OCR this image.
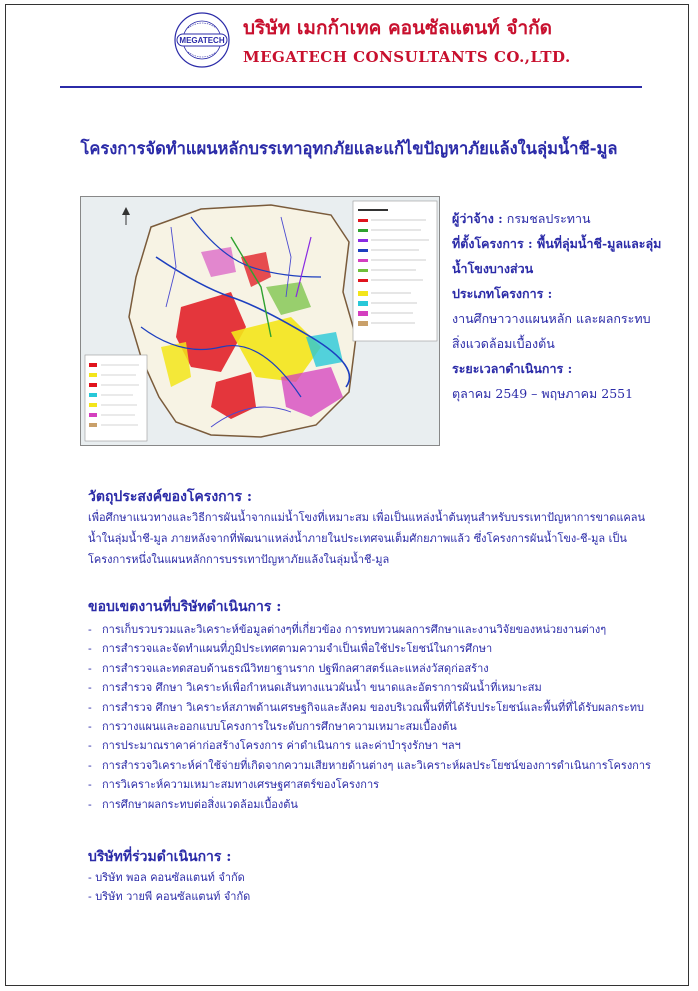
MEGATECH
บริษัท เมกก้าเทค คอนซัลแตนท์ จำกัด
MEGATECH CONSULTANTS CO.,LTD.
โครงการจัดทำแผนหลักบรรเทาอุทกภัยและแก้ไขปัญหาภัยแล้งในลุ่มน้ำชี-มูล
ผู้ว่าจ้าง : กรมชลประทาน
ที่ตั้งโครงการ : พื้นที่ลุ่มน้ำชี-มูลและลุ่มน้ำโขงบางส่วน
ประเภทโครงการ :
งานศึกษาวางแผนหลัก และผลกระทบสิ่งแวดล้อมเบื้องต้น
ระยะเวลาดำเนินการ :
ตุลาคม 2549 – พฤษภาคม 2551
วัตถุประสงค์ของโครงการ :
เพื่อศึกษาแนวทางและวิธีการผันน้ำจากแม่น้ำโขงที่เหมาะสม เพื่อเป็นแหล่งน้ำต้นทุนสำหรับบรรเทาปัญหาการขาดแคลนน้ำในลุ่มน้ำชี-มูล ภายหลังจากที่พัฒนาแหล่งน้ำภายในประเทศจนเต็มศักยภาพแล้ว ซึ่งโครงการผันน้ำโขง-ชี-มูล เป็นโครงการหนึ่งในแผนหลักการบรรเทาปัญหาภัยแล้งในลุ่มน้ำชี-มูล
ขอบเขตงานที่บริษัทดำเนินการ :
- การเก็บรวบรวมและวิเคราะห์ข้อมูลต่างๆที่เกี่ยวข้อง การทบทวนผลการศึกษาและงานวิจัยของหน่วยงานต่างๆ
- การสำรวจและจัดทำแผนที่ภูมิประเทศตามความจำเป็นเพื่อใช้ประโยชน์ในการศึกษา
- การสำรวจและทดสอบด้านธรณีวิทยาฐานราก ปฐพีกลศาสตร์และแหล่งวัสดุก่อสร้าง
- การสำรวจ ศึกษา วิเคราะห์เพื่อกำหนดเส้นทางแนวผันน้ำ ขนาดและอัตราการผันน้ำที่เหมาะสม
- การสำรวจ ศึกษา วิเคราะห์สภาพด้านเศรษฐกิจและสังคม ของบริเวณพื้นที่ที่ได้รับประโยชน์และพื้นที่ที่ได้รับผลกระทบ
- การวางแผนและออกแบบโครงการในระดับการศึกษาความเหมาะสมเบื้องต้น
- การประมาณราคาค่าก่อสร้างโครงการ ค่าดำเนินการ และค่าบำรุงรักษา ฯลฯ
- การสำรวจวิเคราะห์ค่าใช้จ่ายที่เกิดจากความเสียหายด้านต่างๆ และวิเคราะห์ผลประโยชน์ของการดำเนินการโครงการ
- การวิเคราะห์ความเหมาะสมทางเศรษฐศาสตร์ของโครงการ
- การศึกษาผลกระทบต่อสิ่งแวดล้อมเบื้องต้น
บริษัทที่ร่วมดำเนินการ :
- บริษัท พอล คอนซัลแตนท์ จำกัด
- บริษัท วายพี คอนซัลแตนท์ จำกัด
